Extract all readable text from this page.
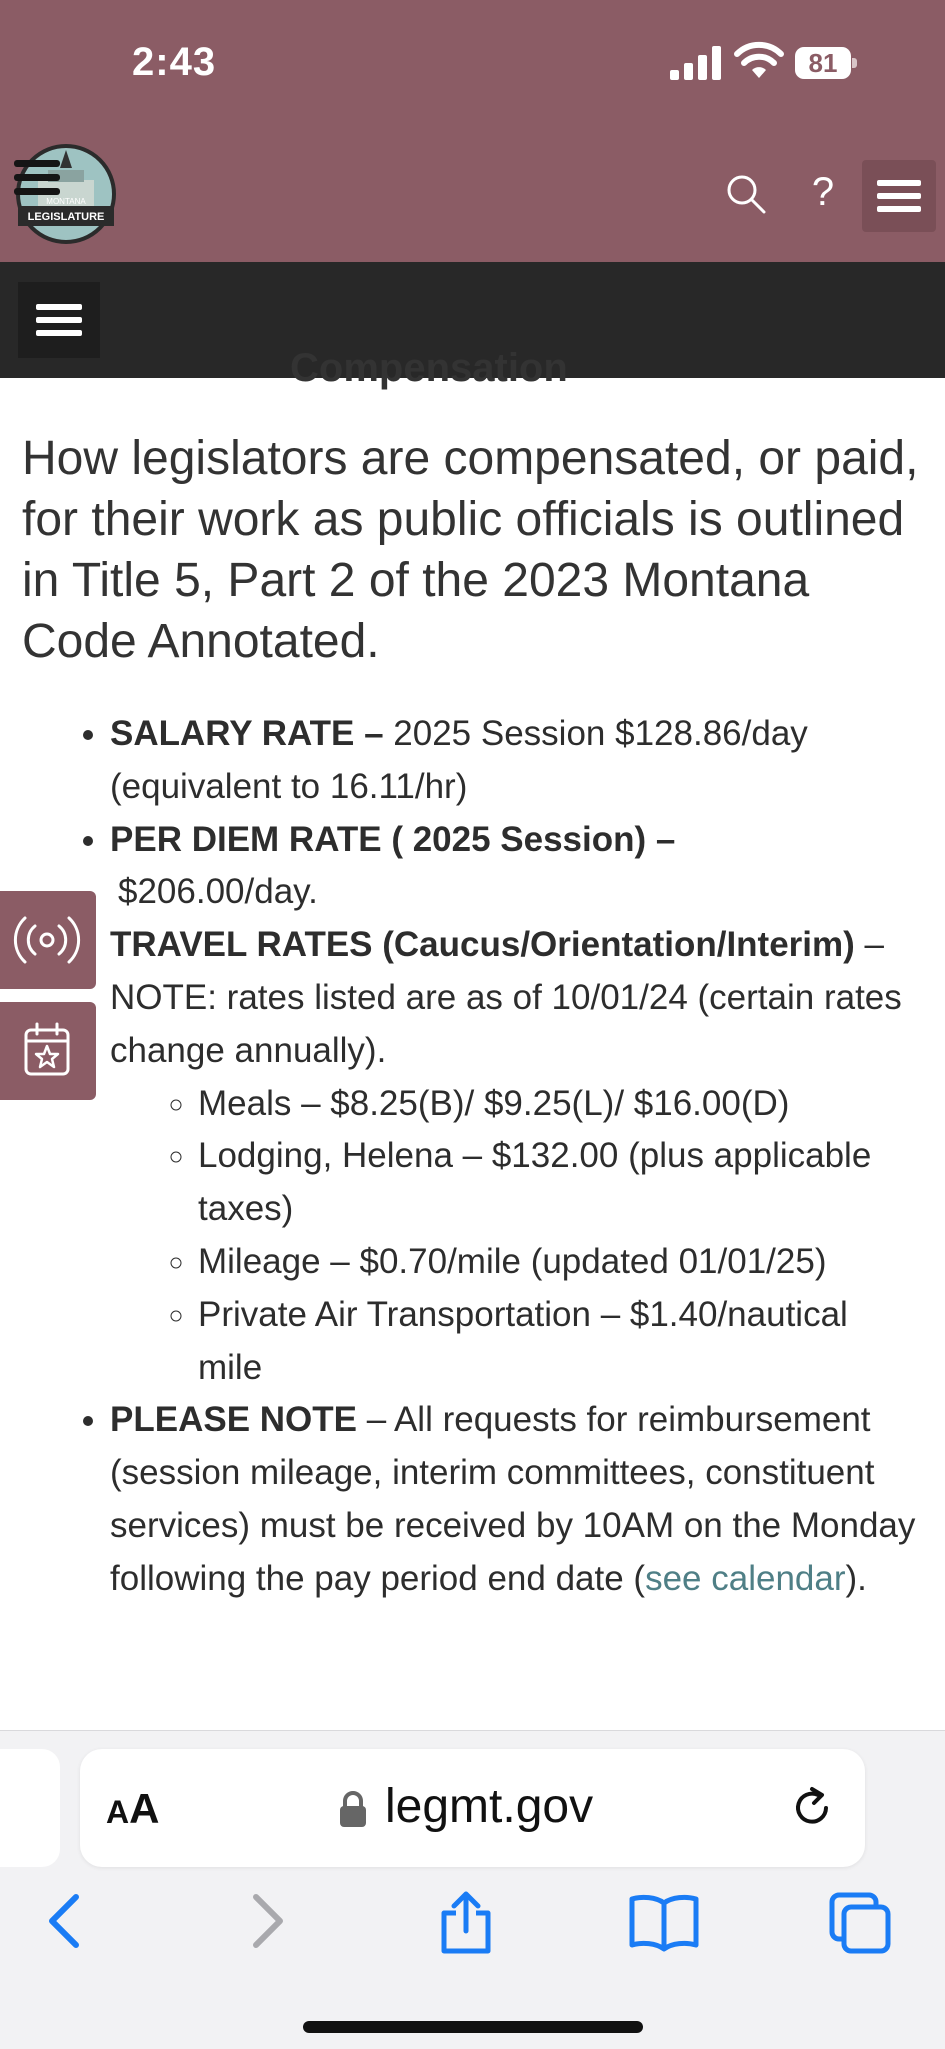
2:43	81
MONTANA
LEGISLATURE
?
Compensation
How legislators are compensated, or paid, for their work as public officials is outlined in Title 5, Part 2 of the 2023 Montana Code Annotated.
• SALARY RATE – 2025 Session $128.86/day (equivalent to 16.11/hr)
• PER DIEM RATE ( 2025 Session) –
$206.00/day.
• TRAVEL RATES (Caucus/Orientation/Interim) –
NOTE: rates listed are as of 10/01/24 (certain rates change annually).
◦ Meals – $8.25(B)/ $9.25(L)/ $16.00(D)
◦ Lodging, Helena – $132.00 (plus applicable taxes)
◦ Mileage – $0.70/mile (updated 01/01/25)
◦ Private Air Transportation – $1.40/nautical mile
• PLEASE NOTE – All requests for reimbursement (session mileage, interim committees, constituent services) must be received by 10AM on the Monday following the pay period end date (see calendar).
AA	legmt.gov
